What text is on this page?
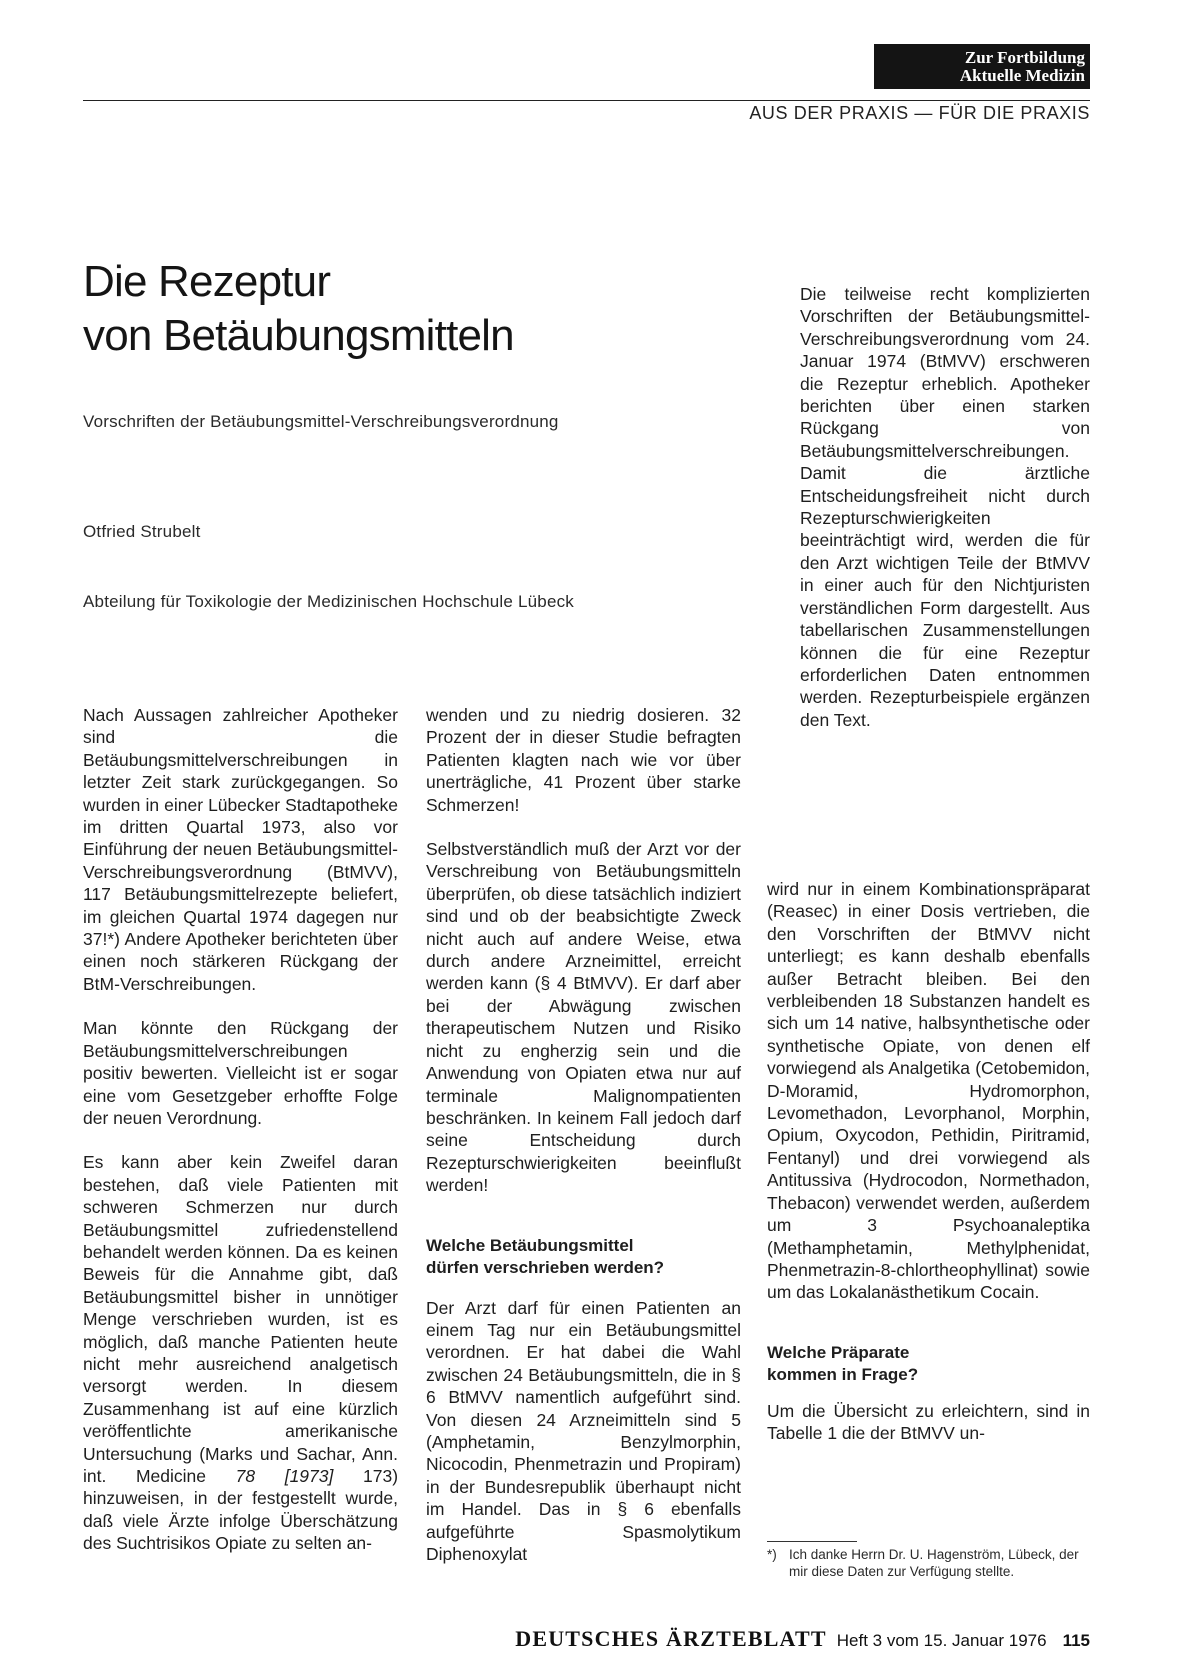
Zur Fortbildung
Aktuelle Medizin
AUS DER PRAXIS — FÜR DIE PRAXIS
Die Rezeptur
von Betäubungsmitteln
Vorschriften der Betäubungsmittel-Verschreibungsverordnung
Otfried Strubelt
Abteilung für Toxikologie der Medizinischen Hochschule Lübeck

Die teilweise recht komplizierten Vorschriften der Betäubungsmittel-Verschreibungsverordnung vom 24. Januar 1974 (BtMVV) erschweren die Rezeptur erheblich. Apotheker berichten über einen starken Rückgang von Betäubungsmittelverschreibungen. Damit die ärztliche Entscheidungsfreiheit nicht durch Rezepturschwierigkeiten beeinträchtigt wird, werden die für den Arzt wichtigen Teile der BtMVV in einer auch für den Nichtjuristen verständlichen Form dargestellt. Aus tabellarischen Zusammenstellungen können die für eine Rezeptur erforderlichen Daten entnommen werden. Rezepturbeispiele ergänzen den Text.

Nach Aussagen zahlreicher Apotheker sind die Betäubungsmittelverschreibungen in letzter Zeit stark zurückgegangen. So wurden in einer Lübecker Stadtapotheke im dritten Quartal 1973, also vor Einführung der neuen Betäubungsmittel-Verschreibungsverordnung (BtMVV), 117 Betäubungsmittelrezepte beliefert, im gleichen Quartal 1974 dagegen nur 37!*) Andere Apotheker berichteten über einen noch stärkeren Rückgang der BtM-Verschreibungen.

Man könnte den Rückgang der Betäubungsmittelverschreibungen positiv bewerten. Vielleicht ist er sogar eine vom Gesetzgeber erhoffte Folge der neuen Verordnung.

Es kann aber kein Zweifel daran bestehen, daß viele Patienten mit schweren Schmerzen nur durch Betäubungsmittel zufriedenstellend behandelt werden können. Da es keinen Beweis für die Annahme gibt, daß Betäubungsmittel bisher in unnötiger Menge verschrieben wurden, ist es möglich, daß manche Patienten heute nicht mehr ausreichend analgetisch versorgt werden. In diesem Zusammenhang ist auf eine kürzlich veröffentlichte amerikanische Untersuchung (Marks und Sachar, Ann. int. Medicine 78 [1973] 173) hinzuweisen, in der festgestellt wurde, daß viele Ärzte infolge Überschätzung des Suchtrisikos Opiate zu selten an-

wenden und zu niedrig dosieren. 32 Prozent der in dieser Studie befragten Patienten klagten nach wie vor über unerträgliche, 41 Prozent über starke Schmerzen!

Selbstverständlich muß der Arzt vor der Verschreibung von Betäubungsmitteln überprüfen, ob diese tatsächlich indiziert sind und ob der beabsichtigte Zweck nicht auch auf andere Weise, etwa durch andere Arzneimittel, erreicht werden kann (§ 4 BtMVV). Er darf aber bei der Abwägung zwischen therapeutischem Nutzen und Risiko nicht zu engherzig sein und die Anwendung von Opiaten etwa nur auf terminale Malignompatienten beschränken. In keinem Fall jedoch darf seine Entscheidung durch Rezepturschwierigkeiten beeinflußt werden!

Welche Betäubungsmittel
dürfen verschrieben werden?

Der Arzt darf für einen Patienten an einem Tag nur ein Betäubungsmittel verordnen. Er hat dabei die Wahl zwischen 24 Betäubungsmitteln, die in § 6 BtMVV namentlich aufgeführt sind. Von diesen 24 Arzneimitteln sind 5 (Amphetamin, Benzylmorphin, Nicocodin, Phenmetrazin und Propiram) in der Bundesrepublik überhaupt nicht im Handel. Das in § 6 ebenfalls aufgeführte Spasmolytikum Diphenoxylat

wird nur in einem Kombinationspräparat (Reasec) in einer Dosis vertrieben, die den Vorschriften der BtMVV nicht unterliegt; es kann deshalb ebenfalls außer Betracht bleiben. Bei den verbleibenden 18 Substanzen handelt es sich um 14 native, halbsynthetische oder synthetische Opiate, von denen elf vorwiegend als Analgetika (Cetobemidon, D-Moramid, Hydromorphon, Levomethadon, Levorphanol, Morphin, Opium, Oxycodon, Pethidin, Piritramid, Fentanyl) und drei vorwiegend als Antitussiva (Hydrocodon, Normethadon, Thebacon) verwendet werden, außerdem um 3 Psychoanaleptika (Methamphetamin, Methylphenidat, Phenmetrazin-8-chlortheophyllinat) sowie um das Lokalanästhetikum Cocain.

Welche Präparate
kommen in Frage?

Um die Übersicht zu erleichtern, sind in Tabelle 1 die der BtMVV un-

*) Ich danke Herrn Dr. U. Hagenström, Lübeck, der mir diese Daten zur Verfügung stellte.
DEUTSCHES ÄRZTEBLATT Heft 3 vom 15. Januar 1976 115
